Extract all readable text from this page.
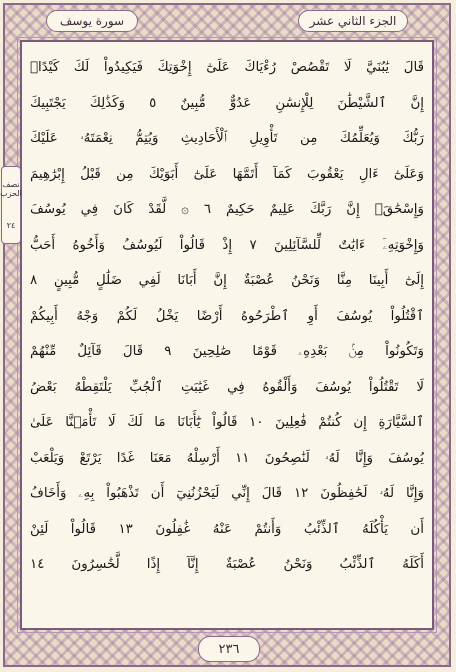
الجزء الثاني عشر
سورة يوسف
نصف الحزب
٢٤
قَالَ يَٰبُنَيَّ لَا تَقْصُصْ رُءْيَاكَ عَلَىٰٓ إِخْوَتِكَ فَيَكِيدُواْ لَكَ كَيْدًاۖ
إِنَّ ٱلشَّيْطَٰنَ لِلْإِنسَٰنِ عَدُوٌّ مُّبِينٌ ٥ وَكَذَٰلِكَ يَجْتَبِيكَ
رَبُّكَ وَيُعَلِّمُكَ مِن تَأْوِيلِ ٱلْأَحَادِيثِ وَيُتِمُّ نِعْمَتَهُۥ عَلَيْكَ
وَعَلَىٰٓ ءَالِ يَعْقُوبَ كَمَآ أَتَمَّهَا عَلَىٰٓ أَبَوَيْكَ مِن قَبْلُ إِبْرَٰهِيمَ
وَإِسْحَٰقَۚ إِنَّ رَبَّكَ عَلِيمٌ حَكِيمٌ ٦ ۞ لَّقَدْ كَانَ فِي يُوسُفَ
وَإِخْوَتِهِۦٓ ءَايَٰتٌ لِّلسَّآئِلِينَ ٧ إِذْ قَالُواْ لَيُوسُفُ وَأَخُوهُ أَحَبُّ
إِلَىٰٓ أَبِينَا مِنَّا وَنَحْنُ عُصْبَةٌ إِنَّ أَبَانَا لَفِي ضَلَٰلٍ مُّبِينٍ ٨
ٱقْتُلُواْ يُوسُفَ أَوِ ٱطْرَحُوهُ أَرْضًا يَخْلُ لَكُمْ وَجْهُ أَبِيكُمْ
وَتَكُونُواْ مِنۢ بَعْدِهِۦ قَوْمًا صَٰلِحِينَ ٩ قَالَ قَآئِلٌ مِّنْهُمْ
لَا تَقْتُلُواْ يُوسُفَ وَأَلْقُوهُ فِي غَيَٰبَتِ ٱلْجُبِّ يَلْتَقِطْهُ بَعْضُ
ٱلسَّيَّارَةِ إِن كُنتُمْ فَٰعِلِينَ ١٠ قَالُواْ يَٰٓأَبَانَا مَا لَكَ لَا تَأْمَ۬نَّا عَلَىٰ
يُوسُفَ وَإِنَّا لَهُۥ لَنَٰصِحُونَ ١١ أَرْسِلْهُ مَعَنَا غَدًا يَرْتَعْ وَيَلْعَبْ
وَإِنَّا لَهُۥ لَحَٰفِظُونَ ١٢ قَالَ إِنِّي لَيَحْزُنُنِيٓ أَن تَذْهَبُواْ بِهِۦ وَأَخَافُ
أَن يَأْكُلَهُ ٱلذِّئْبُ وَأَنتُمْ عَنْهُ غَٰفِلُونَ ١٣ قَالُواْ لَئِنْ
أَكَلَهُ ٱلذِّئْبُ وَنَحْنُ عُصْبَةٌ إِنَّآ إِذًا لَّخَٰسِرُونَ ١٤
٢٣٦
